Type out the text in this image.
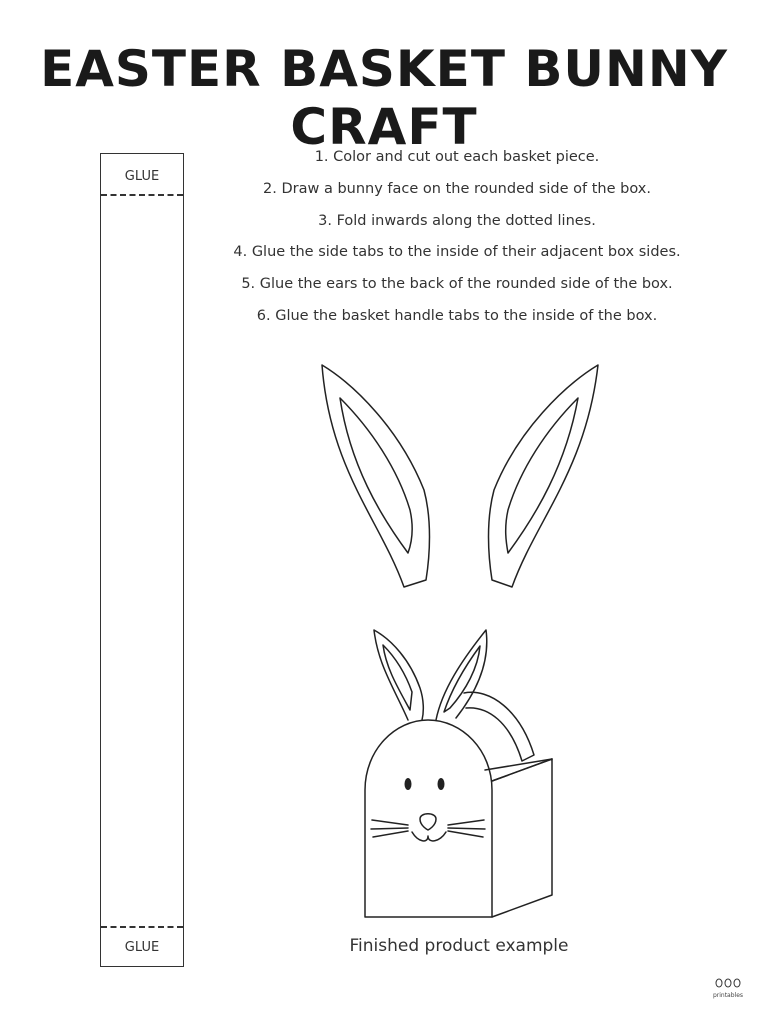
EASTER BASKET BUNNY CRAFT
GLUE
GLUE
1. Color and cut out each basket piece.
2. Draw a bunny face on the rounded side of the box.
3. Fold inwards along the dotted lines.
4. Glue the side tabs to the inside of their adjacent box sides.
5. Glue the ears to the back of the rounded side of the box.
6. Glue the basket handle tabs to the inside of the box.
Finished product example
printables
